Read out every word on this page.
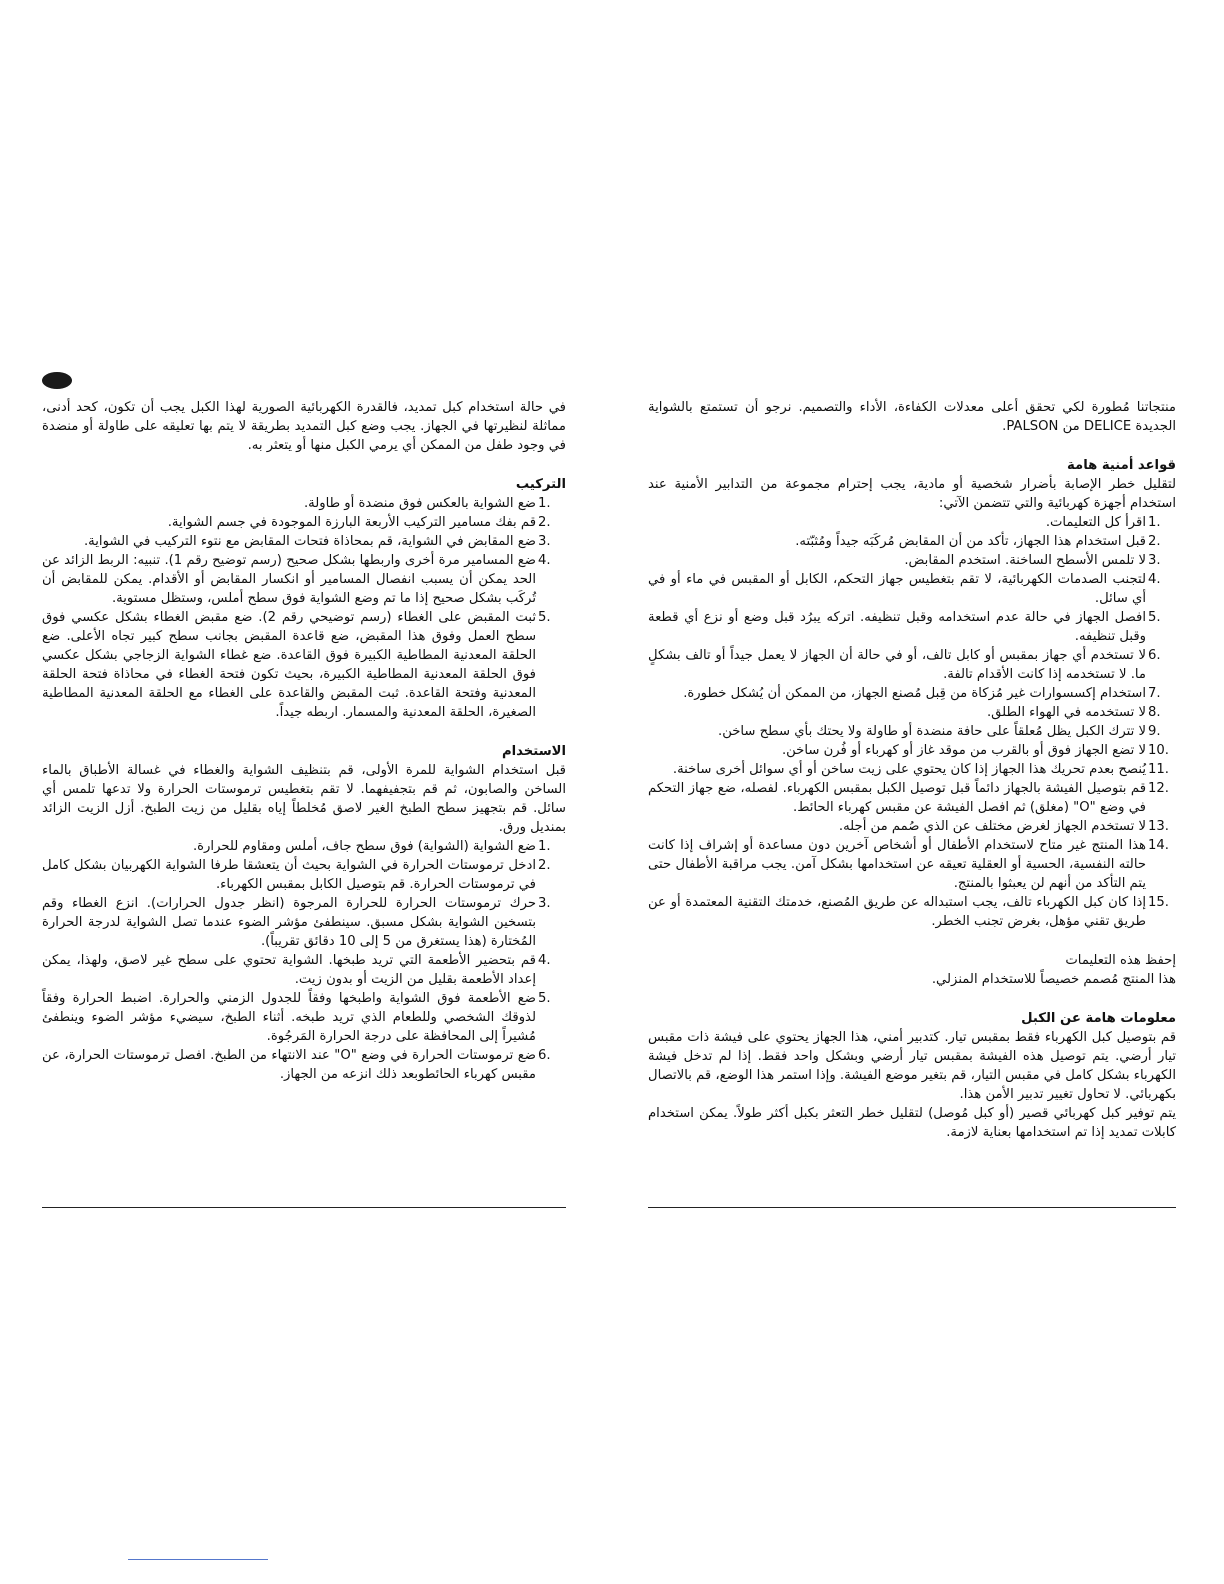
في حالة استخدام كبل تمديد، فالقدرة الكهربائية الصورية لهذا الكبل يجب أن تكون، كحد أدنى، مماثلة لنظيرتها في الجهاز. يجب وضع كبل التمديد بطريقة لا يتم بها تعليقه على طاولة أو منضدة في وجود طفل من الممكن أي يرمي الكبل منها أو يتعثر به.

التركيب

1.
ضع الشواية بالعكس فوق منضدة أو طاولة.
2.
قم بفك مسامير التركيب الأربعة البارزة الموجودة في جسم الشواية.
3.
ضع المقابض في الشواية، قم بمحاذاة فتحات المقابض مع نتوء التركيب في الشواية.
4.
ضع المسامير مرة أخرى واربطها بشكل صحيح (رسم توضيح رقم 1). تنبيه: الربط الزائد عن الحد يمكن أن يسبب انفصال المسامير أو انكسار المقابض أو الأقدام. يمكن للمقابض أن تُركَب بشكل صحيح إذا ما تم وضع الشواية فوق سطح أملس، وستظل مستوية.
5.
ثبت المقبض على الغطاء (رسم توضيحي رقم 2). ضع مقبض الغطاء بشكل عكسي فوق سطح العمل وفوق هذا المقبض، ضع قاعدة المقبض بجانب سطح كبير تجاه الأعلى. ضع الحلقة المعدنية المطاطية الكبيرة فوق القاعدة. ضع غطاء الشواية الزجاجي بشكل عكسي فوق الحلقة المعدنية المطاطية الكبيرة، بحيث تكون فتحة الغطاء في محاذاة فتحة الحلقة المعدنية وفتحة القاعدة. ثبت المقبض والقاعدة على الغطاء مع الحلقة المعدنية المطاطية الصغيرة، الحلقة المعدنية والمسمار. اربطه جيداً.

الاستخدام

قبل استخدام الشواية للمرة الأولى، قم بتنظيف الشواية والغطاء في غسالة الأطباق بالماء الساخن والصابون، ثم قم بتجفيفهما. لا تقم بتغطيس ترموستات الحرارة ولا تدعها تلمس أي سائل. قم بتجهيز سطح الطبخ الغير لاصق مُخلطاً إياه بقليل من زيت الطبخ. أزل الزيت الزائد بمنديل ورق.

1.
ضع الشواية (الشواية) فوق سطح جاف، أملس ومقاوم للحرارة.
2.
ادخل ترموستات الحرارة في الشواية بحيث أن يتعشقا طرفا الشواية الكهربيان بشكل كامل في ترموستات الحرارة. قم بتوصيل الكابل بمقبس الكهرباء.
3.
حرك ترموستات الحرارة للحرارة المرجوة (انظر جدول الحرارات). انزع الغطاء وقم بتسخين الشواية بشكل مسبق. سينطفئ مؤشر الضوء عندما تصل الشواية لدرجة الحرارة المُختارة (هذا يستغرق من 5 إلى 10 دقائق تقريباً).
4.
قم بتحضير الأطعمة التي تريد طبخها. الشواية تحتوي على سطح غير لاصق، ولهذا، يمكن إعداد الأطعمة بقليل من الزيت أو بدون زيت.
5.
ضع الأطعمة فوق الشواية واطبخها وفقاً للجدول الزمني والحرارة. اضبط الحرارة وفقاً لذوقك الشخصي وللطعام الذي تريد طبخه. أثناء الطبخ، سيضيء مؤشر الضوء وينطفئ مُشيراً إلى المحافظة على درجة الحرارة المَرجُوة.
6.
ضع ترموستات الحرارة في وضع "O" عند الانتهاء من الطبخ. افصل ترموستات الحرارة، عن مقبس كهرباء الحائطوبعد ذلك انزعه من الجهاز.

منتجاتنا مُطورة لكي تحقق أعلى معدلات الكفاءة، الأداء والتصميم. نرجو أن تستمتع بالشواية الجديدة DELICE من PALSON.

قواعد أمنية هامة

لتقليل خطر الإصابة بأضرار شخصية أو مادية، يجب إحترام مجموعة من التدابير الأمنية عند استخدام أجهزة كهربائية والتي تتضمن الآتي:

1.
اقرأ كل التعليمات.
2.
قبل استخدام هذا الجهاز، تأكد من أن المقابض مُركَبَه جيداً ومُثبّته.
3.
لا تلمس الأسطح الساخنة. استخدم المقابض.
4.
لتجنب الصدمات الكهربائية، لا تقم بتغطيس جهاز التحكم، الكابل أو المقبس في ماء أو في أي سائل.
5.
افصل الجهاز في حالة عدم استخدامه وقبل تنظيفه. اتركه يبرُد قبل وضع أو نزع أي قطعة وقبل تنظيفه.
6.
لا تستخدم أي جهاز بمقبس أو كابل تالف، أو في حالة أن الجهاز لا يعمل جيداً أو تالف بشكلٍ ما. لا تستخدمه إذا كانت الأقدام تالفة.
7.
استخدام إكسسوارات غير مُزكاة من قِبل مُصنع الجهاز، من الممكن أن يُشكل خطورة.
8.
لا تستخدمه في الهواء الطلق.
9.
لا تترك الكبل يظل مُعلقاً على حافة منضدة أو طاولة ولا يحتك بأي سطح ساخن.
10.
لا تضع الجهاز فوق أو بالقرب من موقد غاز أو كهرباء أو فُرن ساخن.
11.
يُنصح بعدم تحريك هذا الجهاز إذا كان يحتوي على زيت ساخن أو أي سوائل أخرى ساخنة.
12.
قم بتوصيل الفيشة بالجهاز دائماً قبل توصيل الكبل بمقبس الكهرباء. لفصله، ضع جهاز التحكم في وضع "O" (مغلق) ثم افصل الفيشة عن مقبس كهرباء الحائط.
13.
لا تستخدم الجهاز لغرض مختلف عن الذي صُمم من أجله.
14.
هذا المنتج غير متاح لاستخدام الأطفال أو أشخاص آخرين دون مساعدة أو إشراف إذا كانت حالته النفسية، الحسية أو العقلية تعيقه عن استخدامها بشكل آمن. يجب مراقبة الأطفال حتى يتم التأكد من أنهم لن يعبثوا بالمنتج.
15.
إذا كان كبل الكهرباء تالف، يجب استبداله عن طريق المُصنع، خدمتك التقنية المعتمدة أو عن طريق تقني مؤهل، بغرض تجنب الخطر.

إحفظ هذه التعليمات

هذا المنتج مُصمم خصيصاً للاستخدام المنزلي.

معلومات هامة عن الكبل

قم بتوصيل كبل الكهرباء فقط بمقبس تيار. كتدبير أمني، هذا الجهاز يحتوي على فيشة ذات مقبس تيار أرضي. يتم توصيل هذه الفيشة بمقبس تيار أرضي وبشكل واحد فقط. إذا لم تدخل فيشة الكهرباء بشكل كامل في مقبس التيار، قم بتغير موضع الفيشة. وإذا استمر هذا الوضع، قم بالاتصال بكهربائي. لا تحاول تغيير تدبير الأمن هذا.

يتم توفير كبل كهربائي قصير (أو كبل مُوصل) لتقليل خطر التعثر بكبل أكثر طولاً. يمكن استخدام كابلات تمديد إذا تم استخدامها بعناية لازمة.
